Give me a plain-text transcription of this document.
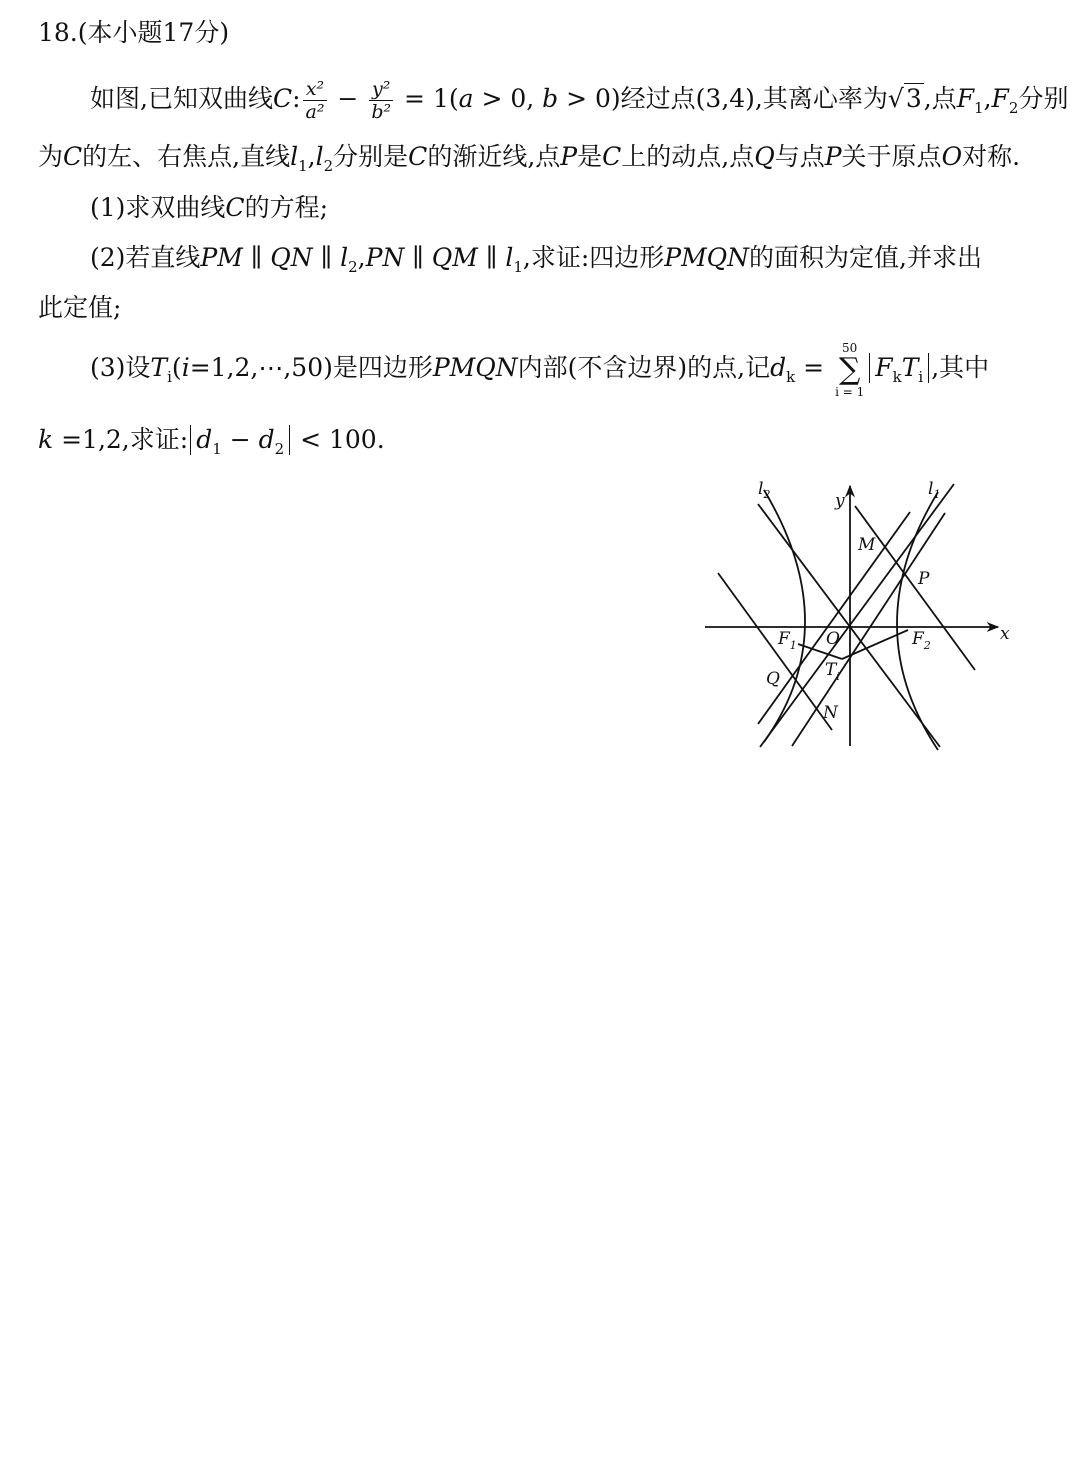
18.(本小题17分)
如图,已知双曲线C: $\frac{\text{x²}}{\text{a²}} - \frac{\text{y²}}{\text{b²}} = 1(a > 0$, b > 0)经过点(3,4),其离心率为√3,点$F_1,F_2$分别
为C的左、右焦点,直线$l_1,l_2$分别是C的渐近线,点P是C上的动点,点Q与点P关于原点O对称.
(1)求双曲线C的方程;
(2)若直线PM ∥ QN ∥ $l_2,PN$ ∥ QM ∥ $l_1$,求证:四边形PMQN的面积为定值,并求出
此定值;
(3)设$T_i(i=1,2,\cdots,50)$是四边形PMQN内部(不含边界)的点,记$d_k$ =
50
∑
i = 1
$F_kT_i$ ,其中
k =1,2,求证: $d_1 - d_2 < 100$.
$l_2$	$l_1$
y
x
M
P
$F_1$ O	$F_2$
$T_i$
Q
N
